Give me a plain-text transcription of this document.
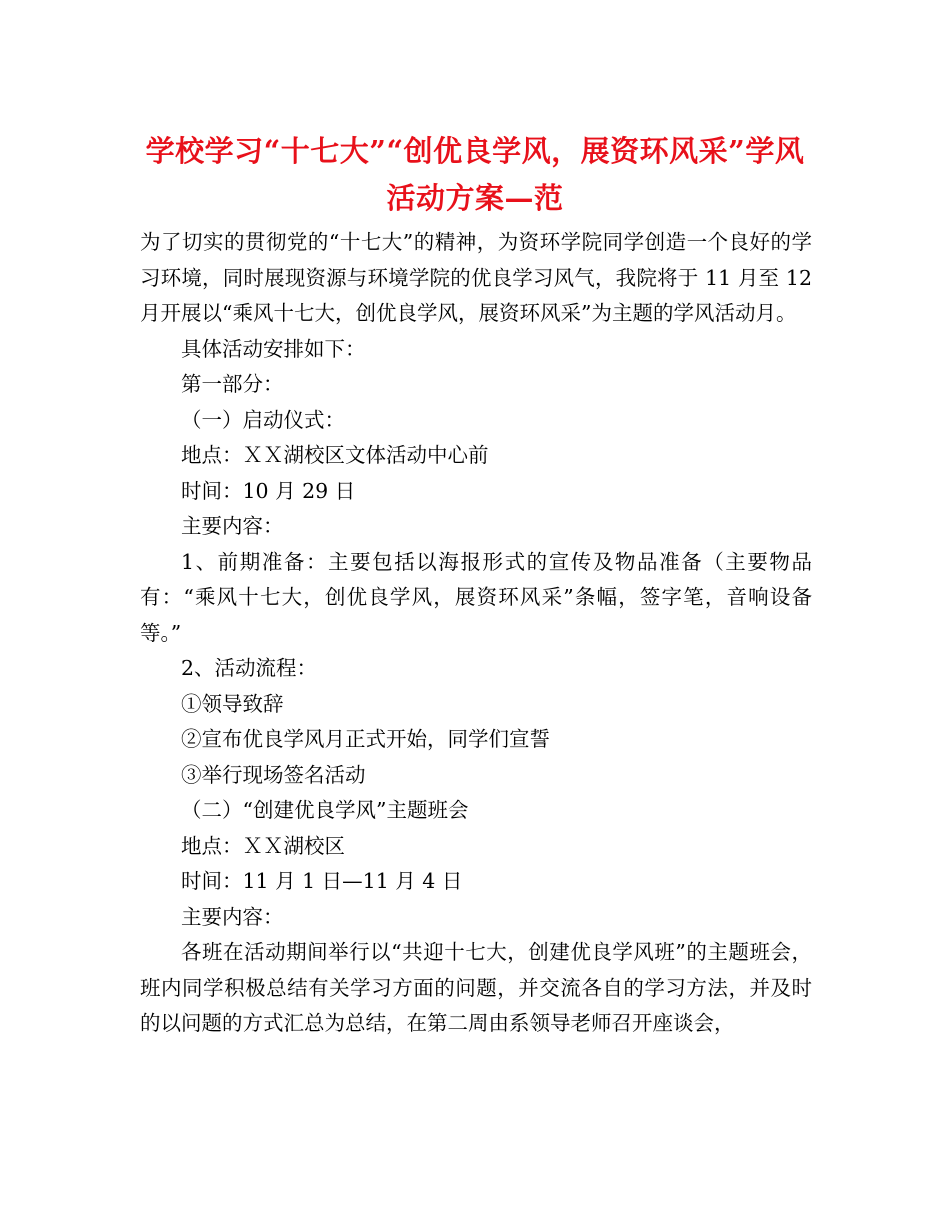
学校学习“十七大”“创优良学风，展资环风采”学风
活动方案—范

为了切实的贯彻党的“十七大”的精神，为资环学院同学创造一个良好的学习环境，同时展现资源与环境学院的优良学习风气，我院将于 11 月至 12 月开展以“乘风十七大，创优良学风，展资环风采”为主题的学风活动月。

具体活动安排如下：

第一部分：

（一）启动仪式：

地点：ＸＸ湖校区文体活动中心前

时间：10 月 29 日

主要内容：

1、前期准备：主要包括以海报形式的宣传及物品准备（主要物品有：“乘风十七大，创优良学风，展资环风采”条幅，签字笔，音响设备等。”

2、活动流程：

①领导致辞

②宣布优良学风月正式开始，同学们宣誓

③举行现场签名活动

（二）“创建优良学风”主题班会

地点：ＸＸ湖校区

时间：11 月 1 日—11 月 4 日

主要内容：

各班在活动期间举行以“共迎十七大，创建优良学风班”的主题班会，班内同学积极总结有关学习方面的问题，并交流各自的学习方法，并及时的以问题的方式汇总为总结，在第二周由系领导老师召开座谈会，
